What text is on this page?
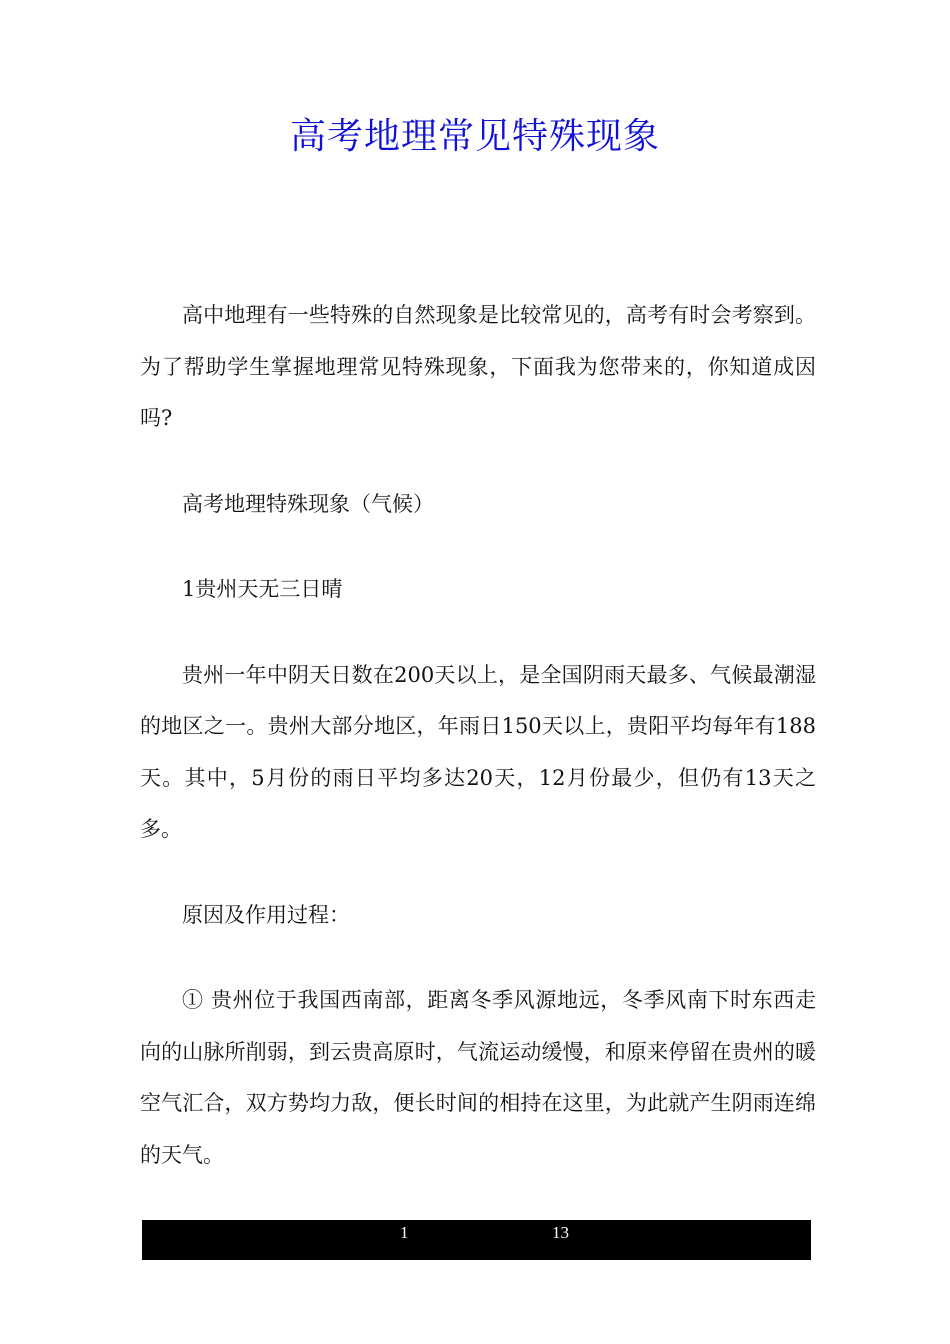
高考地理常见特殊现象

高中地理有一些特殊的自然现象是比较常见的，高考有时会考察到。为了帮助学生掌握地理常见特殊现象，下面我为您带来的，你知道成因吗?

高考地理特殊现象（气候）

1贵州天无三日晴

贵州一年中阴天日数在200天以上，是全国阴雨天最多、气候最潮湿的地区之一。贵州大部分地区，年雨日150天以上，贵阳平均每年有188天。其中，5月份的雨日平均多达20天，12月份最少，但仍有13天之多。

原因及作用过程：

① 贵州位于我国西南部，距离冬季风源地远，冬季风南下时东西走向的山脉所削弱，到云贵高原时，气流运动缓慢，和原来停留在贵州的暖空气汇合，双方势均力敌，便长时间的相持在这里，为此就产生阴雨连绵的天气。

1	13
